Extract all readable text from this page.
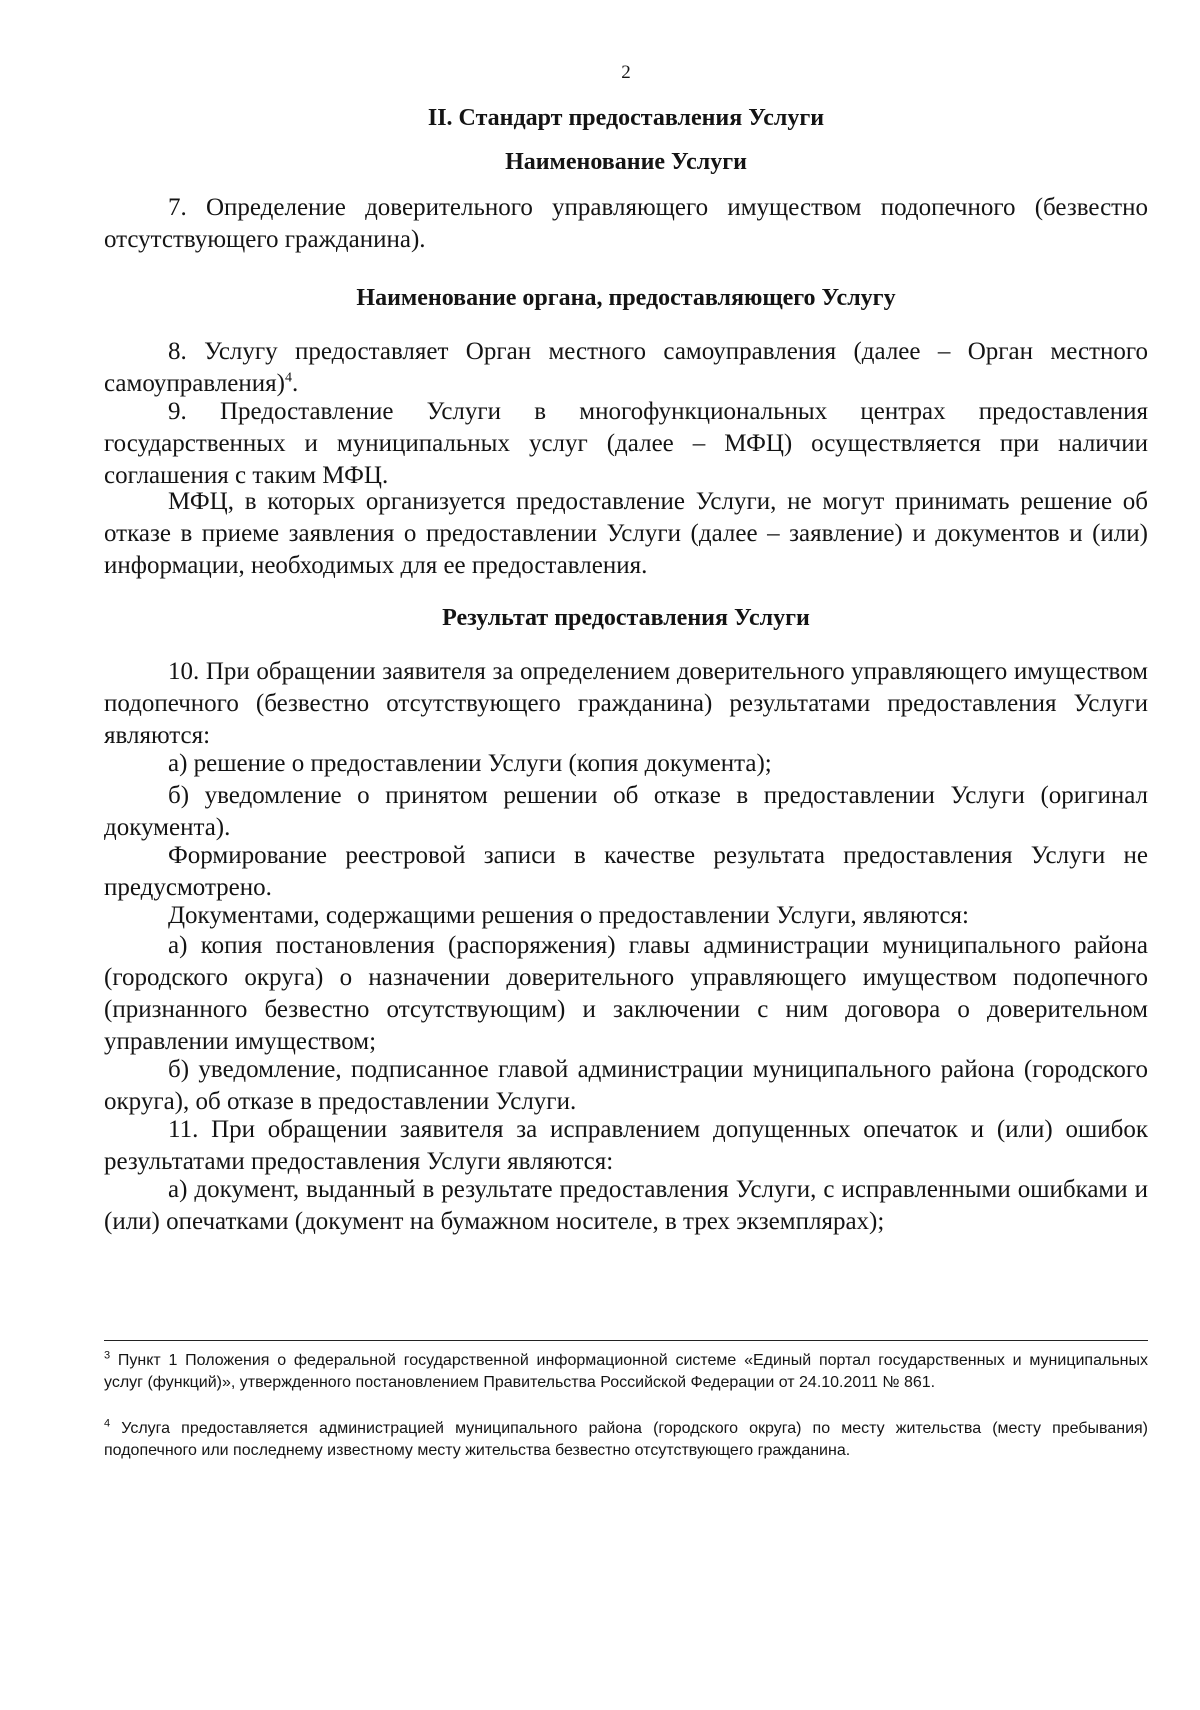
2
II. Стандарт предоставления Услуги
Наименование Услуги

7. Определение доверительного управляющего имуществом подопечного (безвестно отсутствующего гражданина).

Наименование органа, предоставляющего Услугу

8. Услугу предоставляет Орган местного самоуправления (далее – Орган местного самоуправления)$^4$.

9. Предоставление Услуги в многофункциональных центрах предоставления государственных и муниципальных услуг (далее – МФЦ) осуществляется при наличии соглашения с таким МФЦ.

МФЦ, в которых организуется предоставление Услуги, не могут принимать решение об отказе в приеме заявления о предоставлении Услуги (далее – заявление) и документов и (или) информации, необходимых для ее предоставления.

Результат предоставления Услуги

10. При обращении заявителя за определением доверительного управляющего имуществом подопечного (безвестно отсутствующего гражданина) результатами предоставления Услуги являются:

а) решение о предоставлении Услуги (копия документа);

б) уведомление о принятом решении об отказе в предоставлении Услуги (оригинал документа).

Формирование реестровой записи в качестве результата предоставления Услуги не предусмотрено.

Документами, содержащими решения о предоставлении Услуги, являются:

а) копия постановления (распоряжения) главы администрации муниципального района (городского округа) о назначении доверительного управляющего имуществом подопечного (признанного безвестно отсутствующим) и заключении с ним договора о доверительном управлении имуществом;

б) уведомление, подписанное главой администрации муниципального района (городского округа), об отказе в предоставлении Услуги.

11. При обращении заявителя за исправлением допущенных опечаток и (или) ошибок результатами предоставления Услуги являются:

а) документ, выданный в результате предоставления Услуги, с исправленными ошибками и (или) опечатками (документ на бумажном носителе, в трех экземплярах);

$^3$ Пункт 1 Положения о федеральной государственной информационной системе «Единый портал государственных и муниципальных услуг (функций)», утвержденного постановлением Правительства Российской Федерации от 24.10.2011 № 861.

$^4$ Услуга предоставляется администрацией муниципального района (городского округа) по месту жительства (месту пребывания) подопечного или последнему известному месту жительства безвестно отсутствующего гражданина.
